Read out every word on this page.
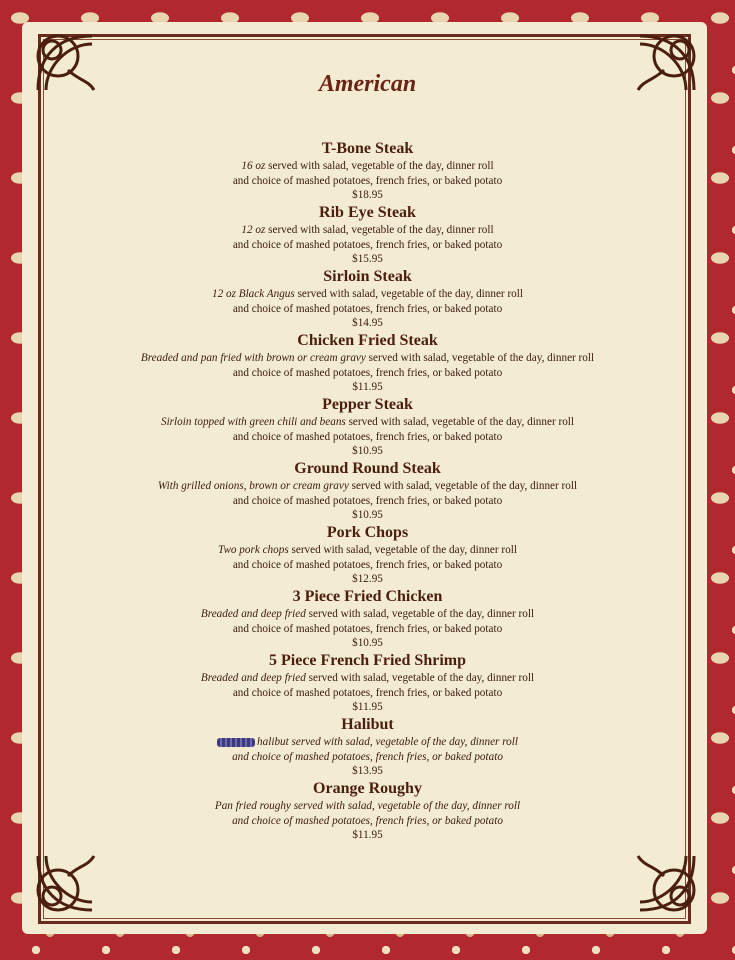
American
T-Bone Steak
16 oz served with salad, vegetable of the day, dinner roll
and choice of mashed potatoes, french fries, or baked potato
$18.95
Rib Eye Steak
12 oz served with salad, vegetable of the day, dinner roll
and choice of mashed potatoes, french fries, or baked potato
$15.95
Sirloin Steak
12 oz Black Angus served with salad, vegetable of the day, dinner roll
and choice of mashed potatoes, french fries, or baked potato
$14.95
Chicken Fried Steak
Breaded and pan fried with brown or cream gravy served with salad, vegetable of the day, dinner roll
and choice of mashed potatoes, french fries, or baked potato
$11.95
Pepper Steak
Sirloin topped with green chili and beans served with salad, vegetable of the day, dinner roll
and choice of mashed potatoes, french fries, or baked potato
$10.95
Ground Round Steak
With grilled onions, brown or cream gravy served with salad, vegetable of the day, dinner roll
and choice of mashed potatoes, french fries, or baked potato
$10.95
Pork Chops
Two pork chops served with salad, vegetable of the day, dinner roll
and choice of mashed potatoes, french fries, or baked potato
$12.95
3 Piece Fried Chicken
Breaded and deep fried served with salad, vegetable of the day, dinner roll
and choice of mashed potatoes, french fries, or baked potato
$10.95
5 Piece French Fried Shrimp
Breaded and deep fried served with salad, vegetable of the day, dinner roll
and choice of mashed potatoes, french fries, or baked potato
$11.95
Halibut
halibut served with salad, vegetable of the day, dinner roll
and choice of mashed potatoes, french fries, or baked potato
$13.95
Orange Roughy
Pan fried roughy served with salad, vegetable of the day, dinner roll
and choice of mashed potatoes, french fries, or baked potato
$11.95
